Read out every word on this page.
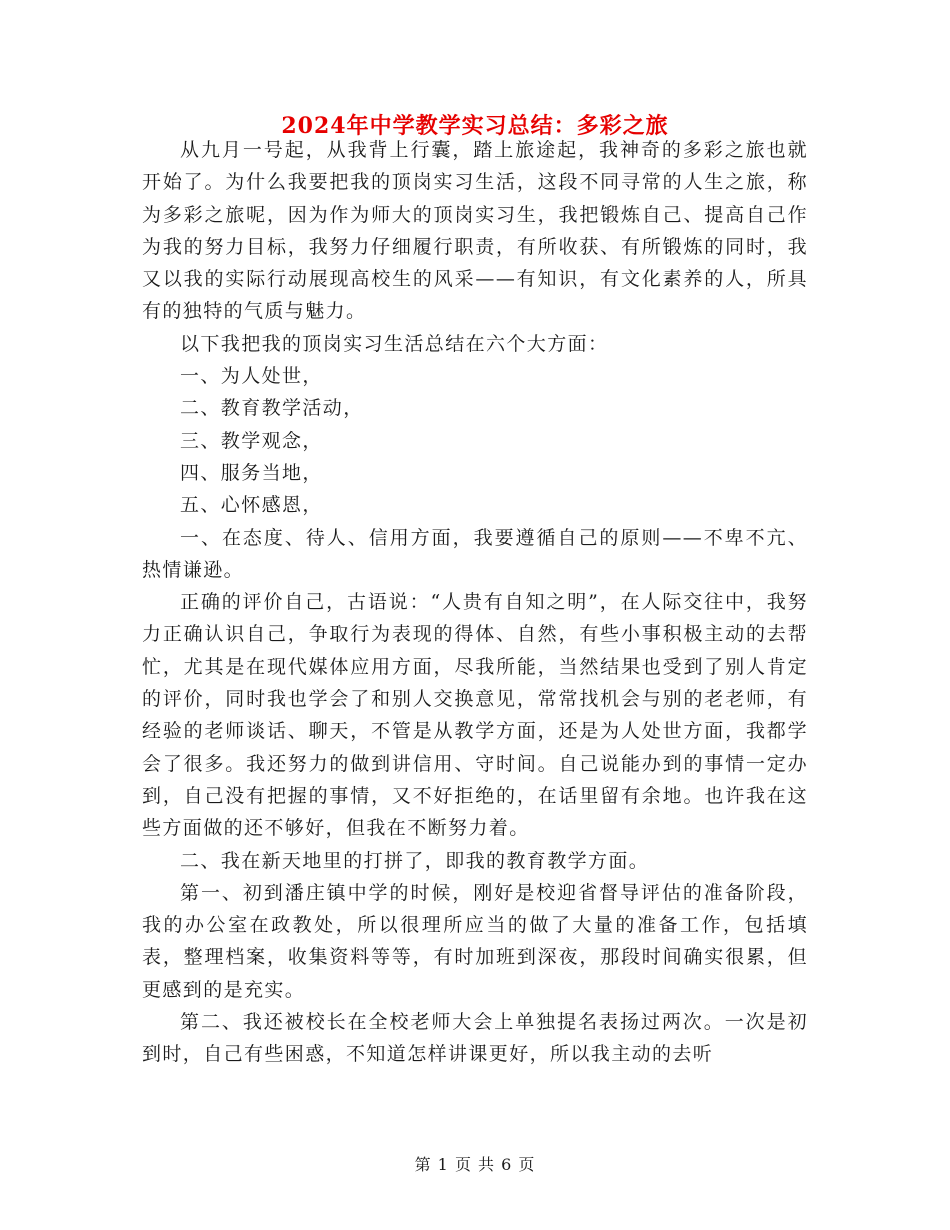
2024年中学教学实习总结：多彩之旅

从九月一号起，从我背上行囊，踏上旅途起，我神奇的多彩之旅也就开始了。为什么我要把我的顶岗实习生活，这段不同寻常的人生之旅，称为多彩之旅呢，因为作为师大的顶岗实习生，我把锻炼自己、提高自己作为我的努力目标，我努力仔细履行职责，有所收获、有所锻炼的同时，我又以我的实际行动展现高校生的风采——有知识，有文化素养的人，所具有的独特的气质与魅力。

以下我把我的顶岗实习生活总结在六个大方面：

一、为人处世，

二、教育教学活动，

三、教学观念，

四、服务当地，

五、心怀感恩，

一、在态度、待人、信用方面，我要遵循自己的原则——不卑不亢、热情谦逊。

正确的评价自己，古语说：“人贵有自知之明”，在人际交往中，我努力正确认识自己，争取行为表现的得体、自然，有些小事积极主动的去帮忙，尤其是在现代媒体应用方面，尽我所能，当然结果也受到了别人肯定的评价，同时我也学会了和别人交换意见，常常找机会与别的老老师，有经验的老师谈话、聊天，不管是从教学方面，还是为人处世方面，我都学会了很多。我还努力的做到讲信用、守时间。自己说能办到的事情一定办到，自己没有把握的事情，又不好拒绝的，在话里留有余地。也许我在这些方面做的还不够好，但我在不断努力着。

二、我在新天地里的打拼了，即我的教育教学方面。

第一、初到潘庄镇中学的时候，刚好是校迎省督导评估的准备阶段，我的办公室在政教处，所以很理所应当的做了大量的准备工作，包括填表，整理档案，收集资料等等，有时加班到深夜，那段时间确实很累，但更感到的是充实。

第二、我还被校长在全校老师大会上单独提名表扬过两次。一次是初到时，自己有些困惑，不知道怎样讲课更好，所以我主动的去听

第 1 页 共 6 页
